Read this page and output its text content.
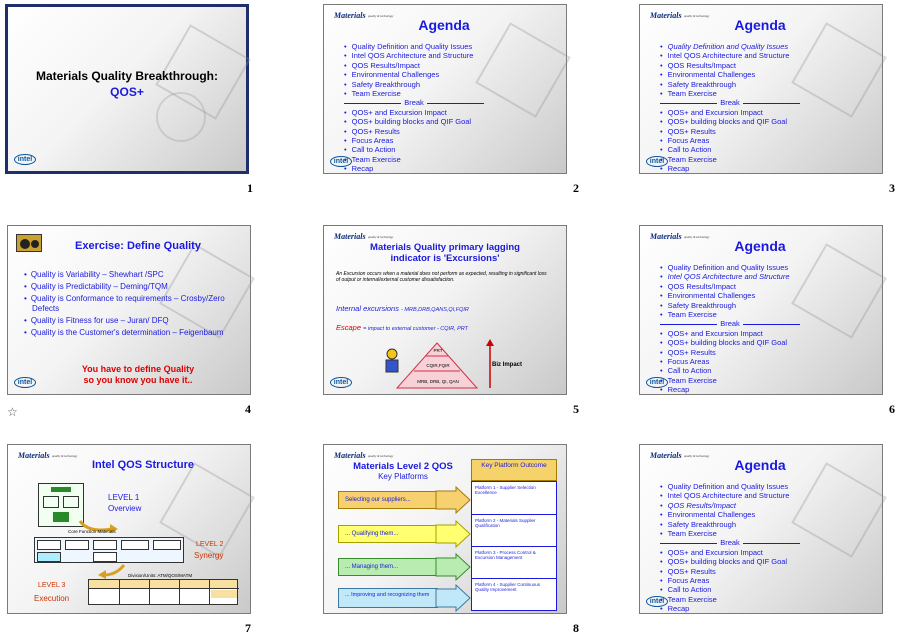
Materials Quality Breakthrough:
QOS+
intel
1
Materials quality & technology
Agenda
• Quality Definition and Quality Issues
• Intel QOS Architecture and Structure
• QOS Results/Impact
• Environmental Challenges
• Safety Breakthrough
• Team Exercise
Break
• QOS+ and Excursion Impact
• QOS+ building blocks and QIF Goal
• QOS+ Results
• Focus Areas
• Call to Action
• Team Exercise
• Recap
intel
2
Materials quality & technology
Agenda
• Quality Definition and Quality Issues
• Intel QOS Architecture and Structure
• QOS Results/Impact
• Environmental Challenges
• Safety Breakthrough
• Team Exercise
Break
• QOS+ and Excursion Impact
• QOS+ building blocks and QIF Goal
• QOS+ Results
• Focus Areas
• Call to Action
• Team Exercise
• Recap
intel
3
Exercise: Define Quality
• Quality is Variability – Shewhart /SPC
• Quality is Predictability – Deming/TQM
• Quality is Conformance to requirements – Crosby/Zero Defects
• Quality is Fitness for use – Juran/ DFQ
• Quality is the Customer's determination – Feigenbaum
You have to define Quality
so you know you have it..
intel
☆	4
Materials quality & technology
Materials Quality primary lagging
indicator is 'Excursions'
An Excursion occurs when a material does not perform as expected, resulting in significant loss of output or internal/external customer dissatisfaction.
Internal excursions - MRB,DRB,QANS,QI,FQIR
Escape = impact to external customer - CQIR, PRT
PRT
CQIR,FQIR
MRB, DRB, QI, QAN
Biz Impact
intel
5
Materials quality & technology
Agenda
• Quality Definition and Quality Issues
• Intel QOS Architecture and Structure
• QOS Results/Impact
• Environmental Challenges
• Safety Breakthrough
• Team Exercise
Break
• QOS+ and Excursion Impact
• QOS+ building blocks and QIF Goal
• QOS+ Results
• Focus Areas
• Call to Action
• Team Exercise
• Recap
intel
6
Materials quality & technology
Intel QOS Structure
LEVEL 1
Overview
Core Function Materials
LEVEL 2
Synergy
Division/Units: ATM/QOS/MATM
LEVEL 3
Execution
7
Materials quality & technology
Materials Level 2 QOS
Key Platforms
Key Platform Outcome
Platform 1 - Supplier Selection Excellence
Platform 2 - Materials Supplier Qualification
Platform 3 - Process Control & Excursion Management
Platform 4 - Supplier Continuous Quality Improvement
Selecting our suppliers...
... Qualifying them...
... Managing them...
... Improving and recognizing them
8
Materials quality & technology
Agenda
• Quality Definition and Quality Issues
• Intel QOS Architecture and Structure
• QOS Results/Impact
• Environmental Challenges
• Safety Breakthrough
• Team Exercise
Break
• QOS+ and Excursion Impact
• QOS+ building blocks and QIF Goal
• QOS+ Results
• Focus Areas
• Call to Action
• Team Exercise
• Recap
intel
